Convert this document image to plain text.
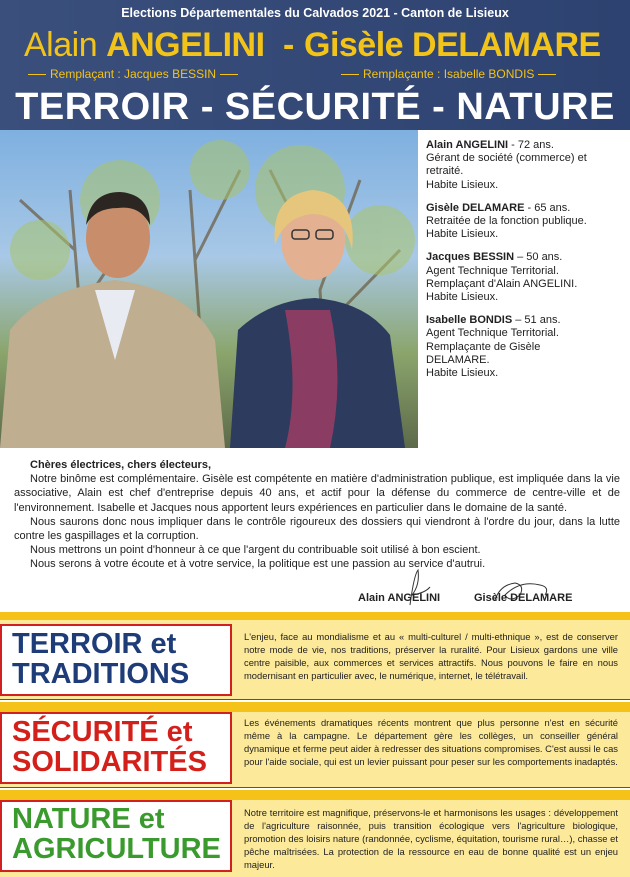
Elections Départementales du Calvados 2021 - Canton de Lisieux
Alain ANGELINI - Gisèle DELAMARE
Remplaçant : Jacques BESSIN	Remplaçante : Isabelle BONDIS
TERROIR - SÉCURITÉ - NATURE
Alain ANGELINI - 72 ans.
Gérant de société (commerce) et
retraité.
Habite Lisieux.
Gisèle DELAMARE - 65 ans.
Retraitée de la fonction publique.
Habite Lisieux.
Jacques BESSIN – 50 ans.
Agent Technique Territorial.
Remplaçant d'Alain ANGELINI.
Habite Lisieux.
Isabelle BONDIS – 51 ans.
Agent Technique Territorial.
Remplaçante de Gisèle
DELAMARE.
Habite Lisieux.
Chères électrices, chers électeurs,

Notre binôme est complémentaire. Gisèle est compétente en matière d'administration publique, est impliquée dans la vie associative, Alain est chef d'entreprise depuis 40 ans, et actif pour la défense du commerce de centre-ville et de l'environnement. Isabelle et Jacques nous apportent leurs expériences en particulier dans le domaine de la santé.

Nous saurons donc nous impliquer dans le contrôle rigoureux des dossiers qui viendront à l'ordre du jour, dans la lutte contre les gaspillages et la corruption.

Nous mettrons un point d'honneur à ce que l'argent du contribuable soit utilisé à bon escient.

Nous serons à votre écoute et à votre service, la politique est une passion au service d'autrui.

Alain ANGELINI	Gisèle DELAMARE
TERROIR et
TRADITIONS
L'enjeu, face au mondialisme et au « multi-culturel / multi-ethnique », est de conserver notre mode de vie, nos traditions, préserver la ruralité. Pour Lisieux gardons une ville centre paisible, aux commerces et services attractifs. Nous pouvons le faire en nous modernisant en particulier avec, le numérique, internet, le télétravail.
SÉCURITÉ et
SOLIDARITÉS
Les événements dramatiques récents montrent que plus personne n'est en sécurité même à la campagne. Le département gère les collèges, un conseiller général dynamique et ferme peut aider à redresser des situations compromises. C'est aussi le cas pour l'aide sociale, qui est un levier puissant pour peser sur les comportements inadaptés.
NATURE et
AGRICULTURE
Notre territoire est magnifique, préservons-le et harmonisons les usages : développement de l'agriculture raisonnée, puis transition écologique vers l'agriculture biologique, promotion des loisirs nature (randonnée, cyclisme, équitation, tourisme rural…), chasse et pêche maîtrisées. La protection de la ressource en eau de bonne qualité est un enjeu majeur.
